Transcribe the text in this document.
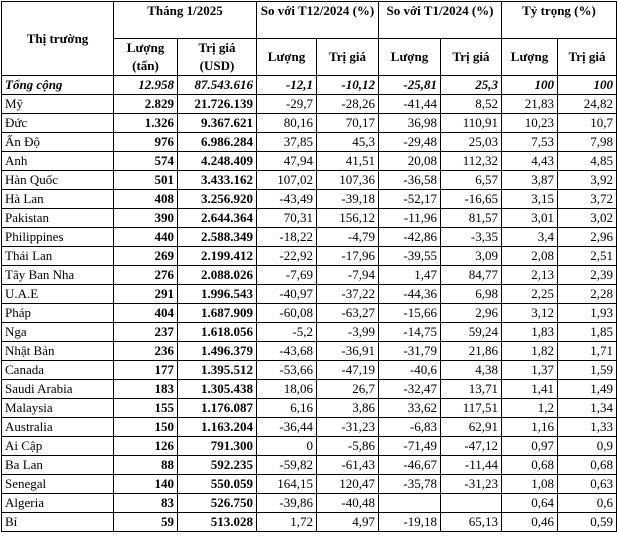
Thị trường	Tháng 1/2025		So với T12/2024 (%)		So với T1/2024 (%)		Tỷ trọng (%)	
	Lượng (tấn)	Trị giá (USD)	Lượng	Trị giá	Lượng	Trị giá	Lượng	Trị giá
Tổng cộng	12.958	87.543.616	-12,1	-10,12	-25,81	25,3	100	100
Mỹ	2.829	21.726.139	-29,7	-28,26	-41,44	8,52	21,83	24,82
Đức	1.326	9.367.621	80,16	70,17	36,98	110,91	10,23	10,7
Ấn Độ	976	6.986.284	37,85	45,3	-29,48	25,03	7,53	7,98
Anh	574	4.248.409	47,94	41,51	20,08	112,32	4,43	4,85
Hàn Quốc	501	3.433.162	107,02	107,36	-36,58	6,57	3,87	3,92
Hà Lan	408	3.256.920	-43,49	-39,18	-52,17	-16,65	3,15	3,72
Pakistan	390	2.644.364	70,31	156,12	-11,96	81,57	3,01	3,02
Philippines	440	2.588.349	-18,22	-4,79	-42,86	-3,35	3,4	2,96
Thái Lan	269	2.199.412	-22,92	-17,96	-39,55	3,09	2,08	2,51
Tây Ban Nha	276	2.088.026	-7,69	-7,94	1,47	84,77	2,13	2,39
U.A.E	291	1.996.543	-40,97	-37,22	-44,36	6,98	2,25	2,28
Pháp	404	1.687.909	-60,08	-63,27	-15,66	2,96	3,12	1,93
Nga	237	1.618.056	-5,2	-3,99	-14,75	59,24	1,83	1,85
Nhật Bản	236	1.496.379	-43,68	-36,91	-31,79	21,86	1,82	1,71
Canada	177	1.395.512	-53,66	-47,19	-40,6	4,38	1,37	1,59
Saudi Arabia	183	1.305.438	18,06	26,7	-32,47	13,71	1,41	1,49
Malaysia	155	1.176.087	6,16	3,86	33,62	117,51	1,2	1,34
Australia	150	1.163.204	-36,44	-31,23	-6,83	62,91	1,16	1,33
Ai Cập	126	791.300	0	-5,86	-71,49	-47,12	0,97	0,9
Ba Lan	88	592.235	-59,82	-61,43	-46,67	-11,44	0,68	0,68
Senegal	140	550.059	164,15	120,47	-35,78	-31,23	1,08	0,63
Algeria	83	526.750	-39,86	-40,48			0,64	0,6
Bỉ	59	513.028	1,72	4,97	-19,18	65,13	0,46	0,59
